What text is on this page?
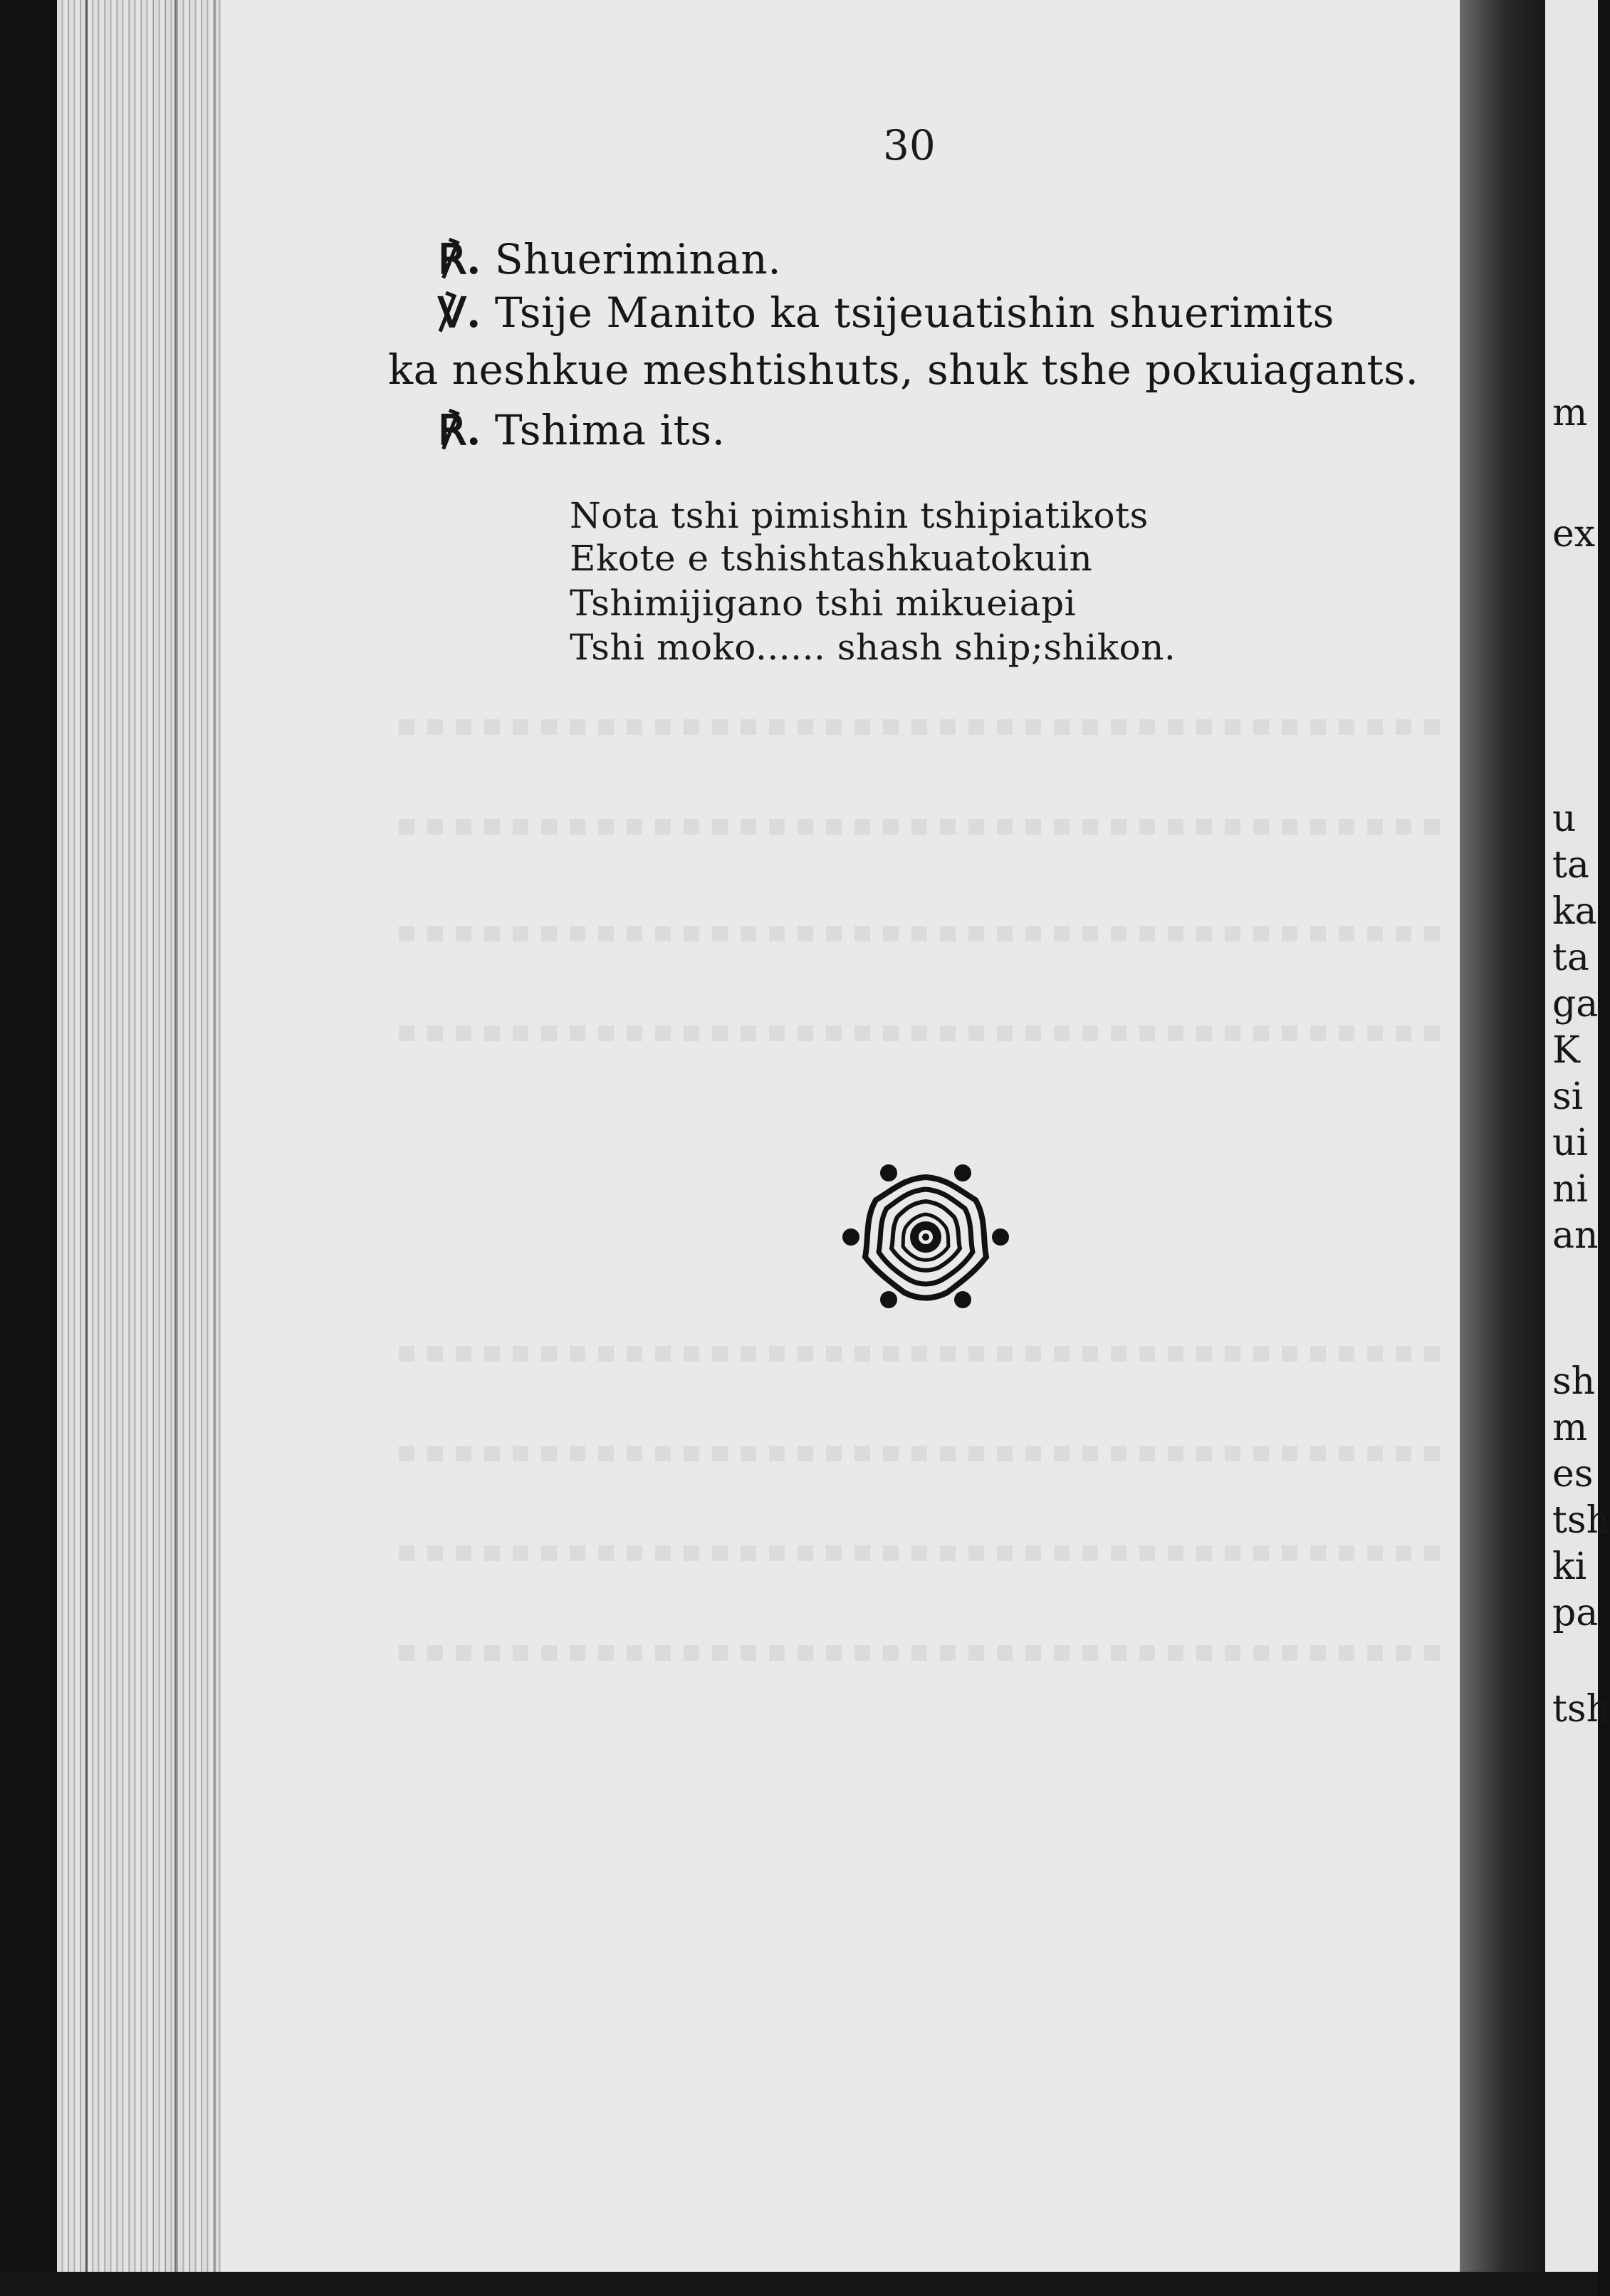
m
ex
u
ta
ka
ta
ga
K
si
ui
ni
an
sh
m
es
tsh
ki
pa
tsh
30
℟. Shueriminan.
℣. Tsije Manito ka tsijeuatishin shuerimits
ka neshkue meshtishuts, shuk tshe pokuiagants.
℟. Tshima its.
Nota tshi pimishin tshipiatikots
Ekote e tshishtashkuatokuin
Tshimijigano tshi mikueiapi
Tshi moko...... shash ship;shikon.
